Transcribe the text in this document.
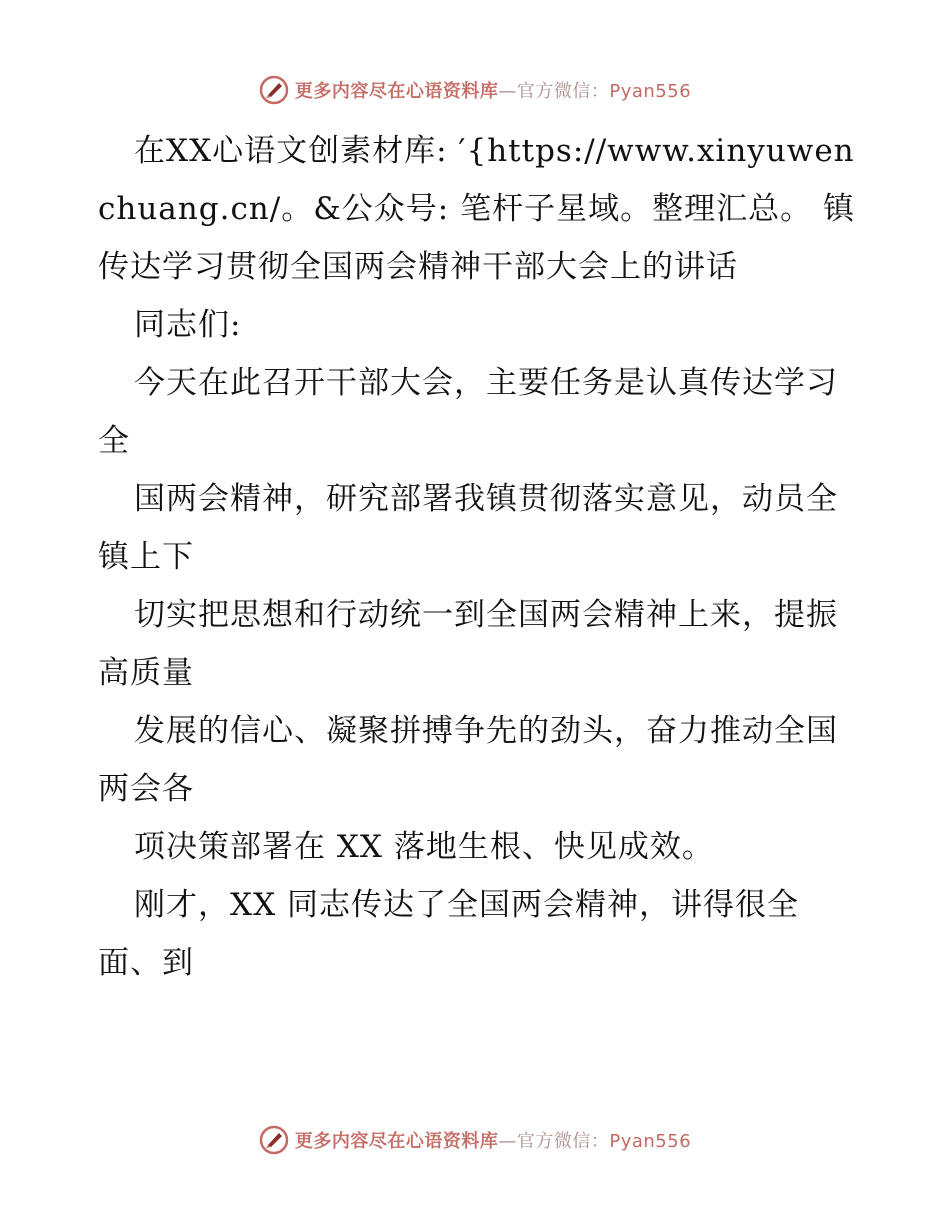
更多内容尽在心语资料库—官方微信：Pyan556

在XX心语文创素材库: ′{https://www.xinyuwenchuang.cn/。&公众号: 笔杆子星域。整理汇总。 镇传达学习贯彻全国两会精神干部大会上的讲话

同志们:

今天在此召开干部大会，主要任务是认真传达学习全

国两会精神，研究部署我镇贯彻落实意见，动员全镇上下

切实把思想和行动统一到全国两会精神上来，提振高质量

发展的信心、凝聚拼搏争先的劲头，奋力推动全国两会各

项决策部署在 XX 落地生根、快见成效。

刚才，XX 同志传达了全国两会精神，讲得很全面、到

更多内容尽在心语资料库—官方微信：Pyan556
